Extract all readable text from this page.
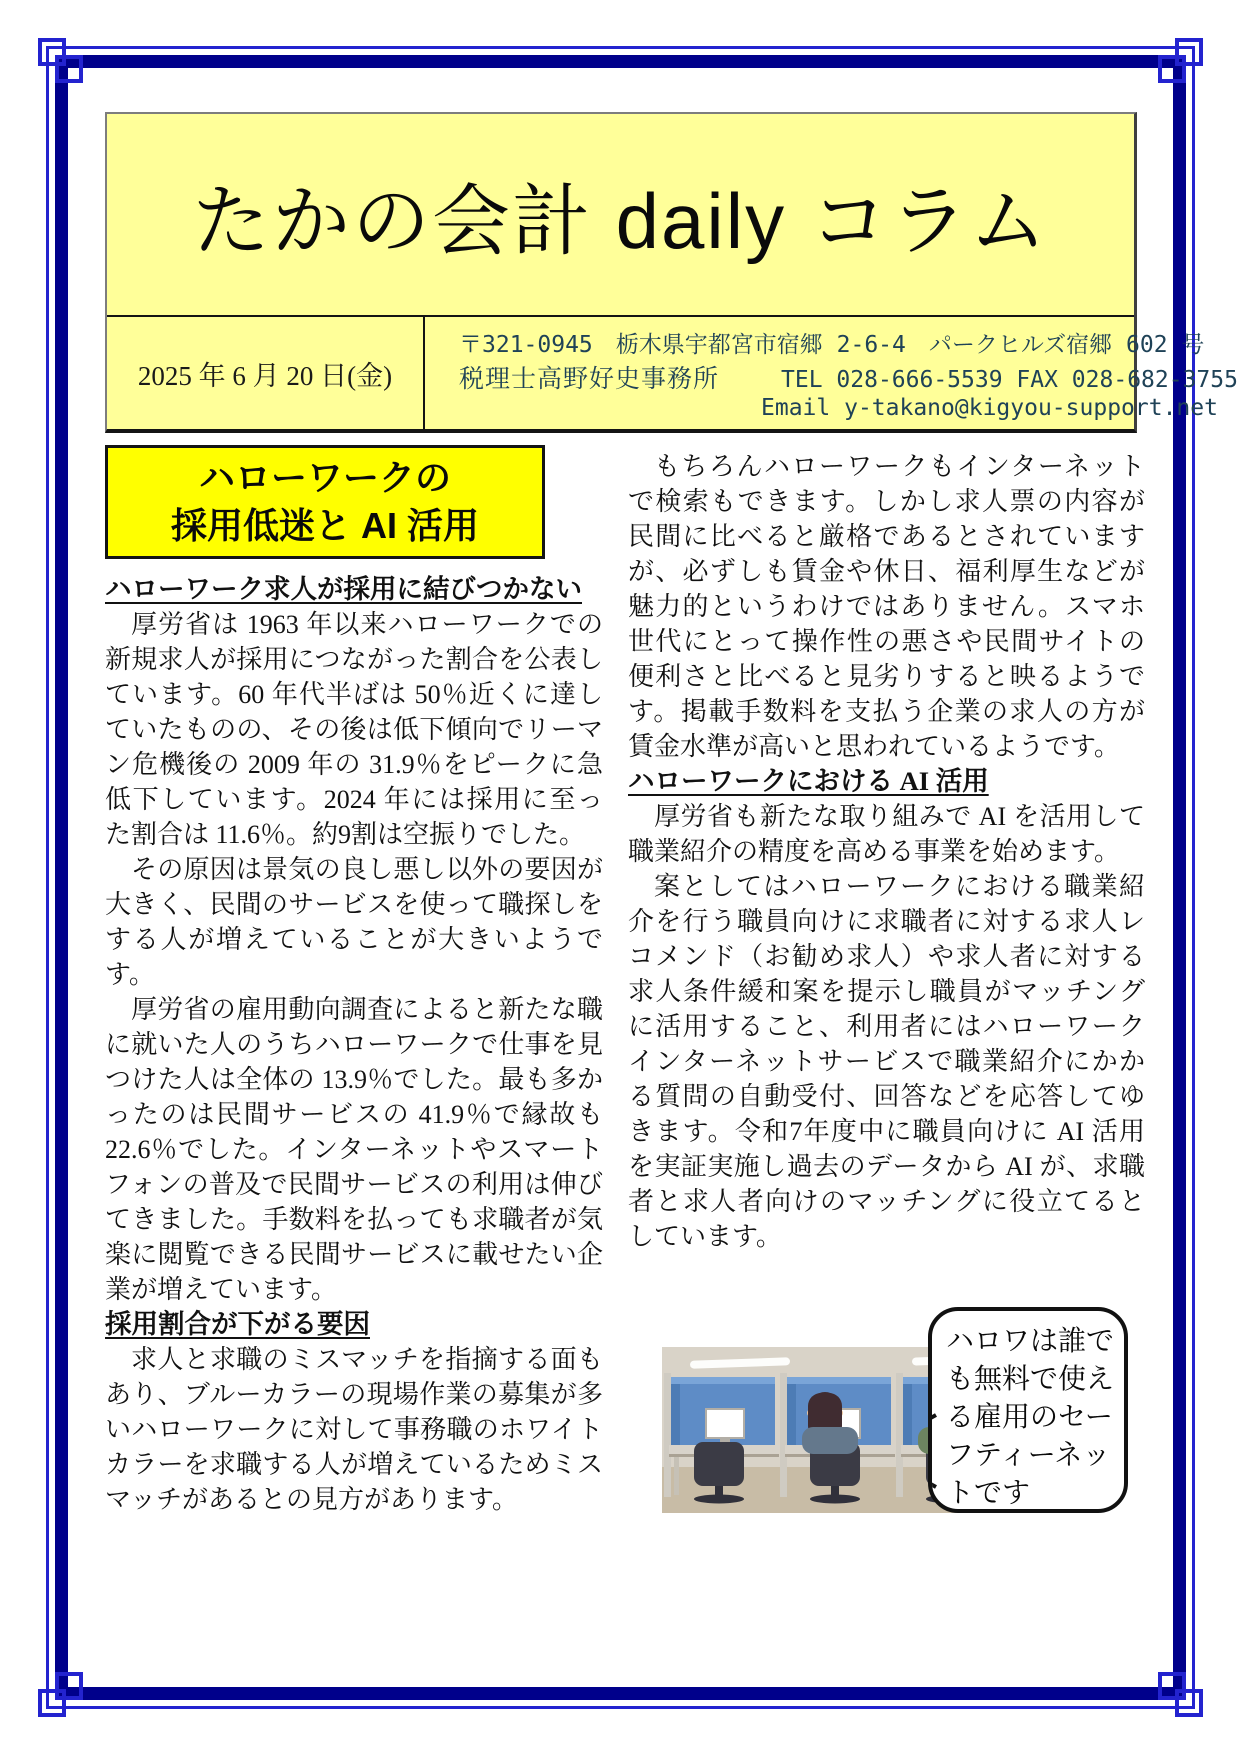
たかの会計 daily コラム
2025 年 6 月 20 日(金)
〒321-0945　栃木県宇都宮市宿郷 2-6-4　パークヒルズ宿郷 602 号
税理士高野好史事務所	TEL 028-666-5539 FAX 028-682-3755
Email y-takano@kigyou-support.net
ハローワークの
採用低迷と AI 活用
ハローワーク求人が採用に結びつかない

厚労省は 1963 年以来ハローワークでの新規求人が採用につながった割合を公表しています。60 年代半ばは 50％近くに達していたものの、その後は低下傾向でリーマン危機後の 2009 年の 31.9％をピークに急低下しています。2024 年には採用に至った割合は 11.6％。約9割は空振りでした。

その原因は景気の良し悪し以外の要因が大きく、民間のサービスを使って職探しをする人が増えていることが大きいようです。

厚労省の雇用動向調査によると新たな職に就いた人のうちハローワークで仕事を見つけた人は全体の 13.9％でした。最も多かったのは民間サービスの 41.9％で縁故も 22.6％でした。インターネットやスマートフォンの普及で民間サービスの利用は伸びてきました。手数料を払っても求職者が気楽に閲覧できる民間サービスに載せたい企業が増えています。

採用割合が下がる要因

求人と求職のミスマッチを指摘する面もあり、ブルーカラーの現場作業の募集が多いハローワークに対して事務職のホワイトカラーを求職する人が増えているためミスマッチがあるとの見方があります。

もちろんハローワークもインターネットで検索もできます。しかし求人票の内容が民間に比べると厳格であるとされていますが、必ずしも賃金や休日、福利厚生などが魅力的というわけではありません。スマホ世代にとって操作性の悪さや民間サイトの便利さと比べると見劣りすると映るようです。掲載手数料を支払う企業の求人の方が賃金水準が高いと思われているようです。

ハローワークにおける AI 活用

厚労省も新たな取り組みで AI を活用して職業紹介の精度を高める事業を始めます。

案としてはハローワークにおける職業紹介を行う職員向けに求職者に対する求人レコメンド（お勧め求人）や求人者に対する求人条件緩和案を提示し職員がマッチングに活用すること、利用者にはハローワークインターネットサービスで職業紹介にかかる質問の自動受付、回答などを応答してゆきます。令和7年度中に職員向けに AI 活用を実証実施し過去のデータから AI が、求職者と求人者向けのマッチングに役立てるとしています。

ハロワは誰でも無料で使える雇用のセーフティーネットです
